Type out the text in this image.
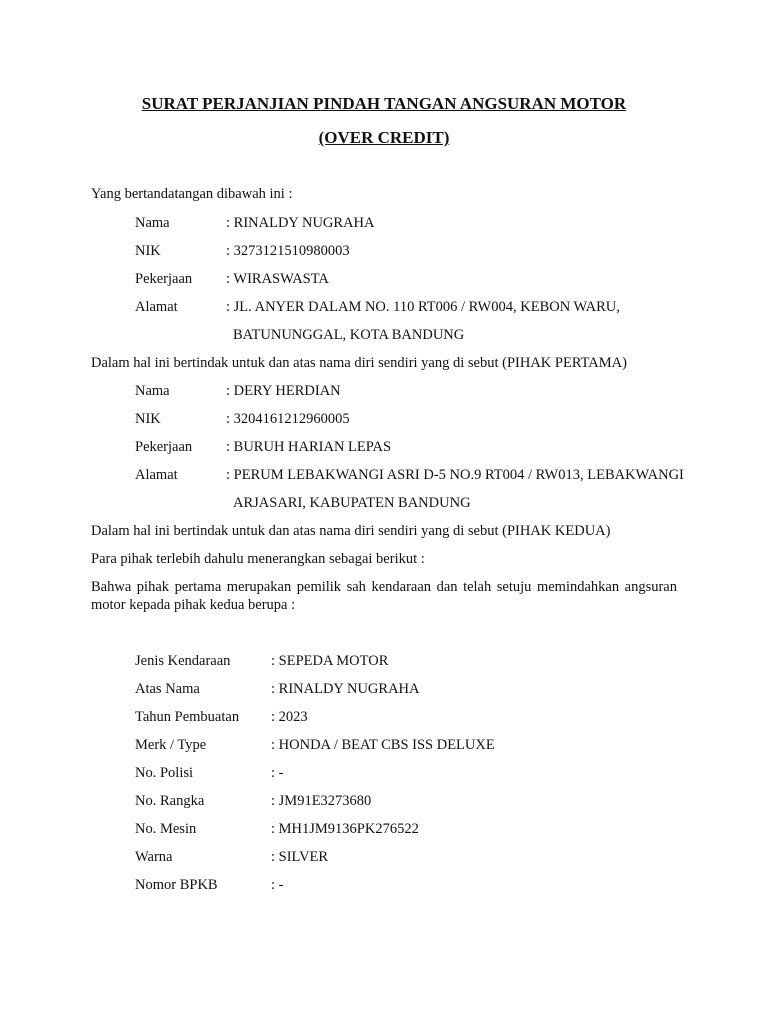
SURAT PERJANJIAN PINDAH TANGAN ANGSURAN MOTOR
(OVER CREDIT)
Yang bertandatangan dibawah ini :
Nama	: RINALDY NUGRAHA
NIK	: 3273121510980003
Pekerjaan : WIRASWASTA
Alamat	: JL. ANYER DALAM NO. 110 RT006 / RW004, KEBON WARU,
BATUNUNGGAL, KOTA BANDUNG
Dalam hal ini bertindak untuk dan atas nama diri sendiri yang di sebut (PIHAK PERTAMA)
Nama	: DERY HERDIAN
NIK	: 3204161212960005
Pekerjaan : BURUH HARIAN LEPAS
Alamat	: PERUM LEBAKWANGI ASRI D-5 NO.9 RT004 / RW013, LEBAKWANGI
ARJASARI, KABUPATEN BANDUNG
Dalam hal ini bertindak untuk dan atas nama diri sendiri yang di sebut (PIHAK KEDUA)
Para pihak terlebih dahulu menerangkan sebagai berikut :
Bahwa pihak pertama merupakan pemilik sah kendaraan dan telah setuju memindahkan angsuran motor kepada pihak kedua berupa :
Jenis Kendaraan	: SEPEDA MOTOR
Atas Nama	: RINALDY NUGRAHA
Tahun Pembuatan : 2023
Merk / Type	: HONDA / BEAT CBS ISS DELUXE
No. Polisi	: -
No. Rangka	: JM91E3273680
No. Mesin	: MH1JM9136PK276522
Warna	: SILVER
Nomor BPKB	: -
